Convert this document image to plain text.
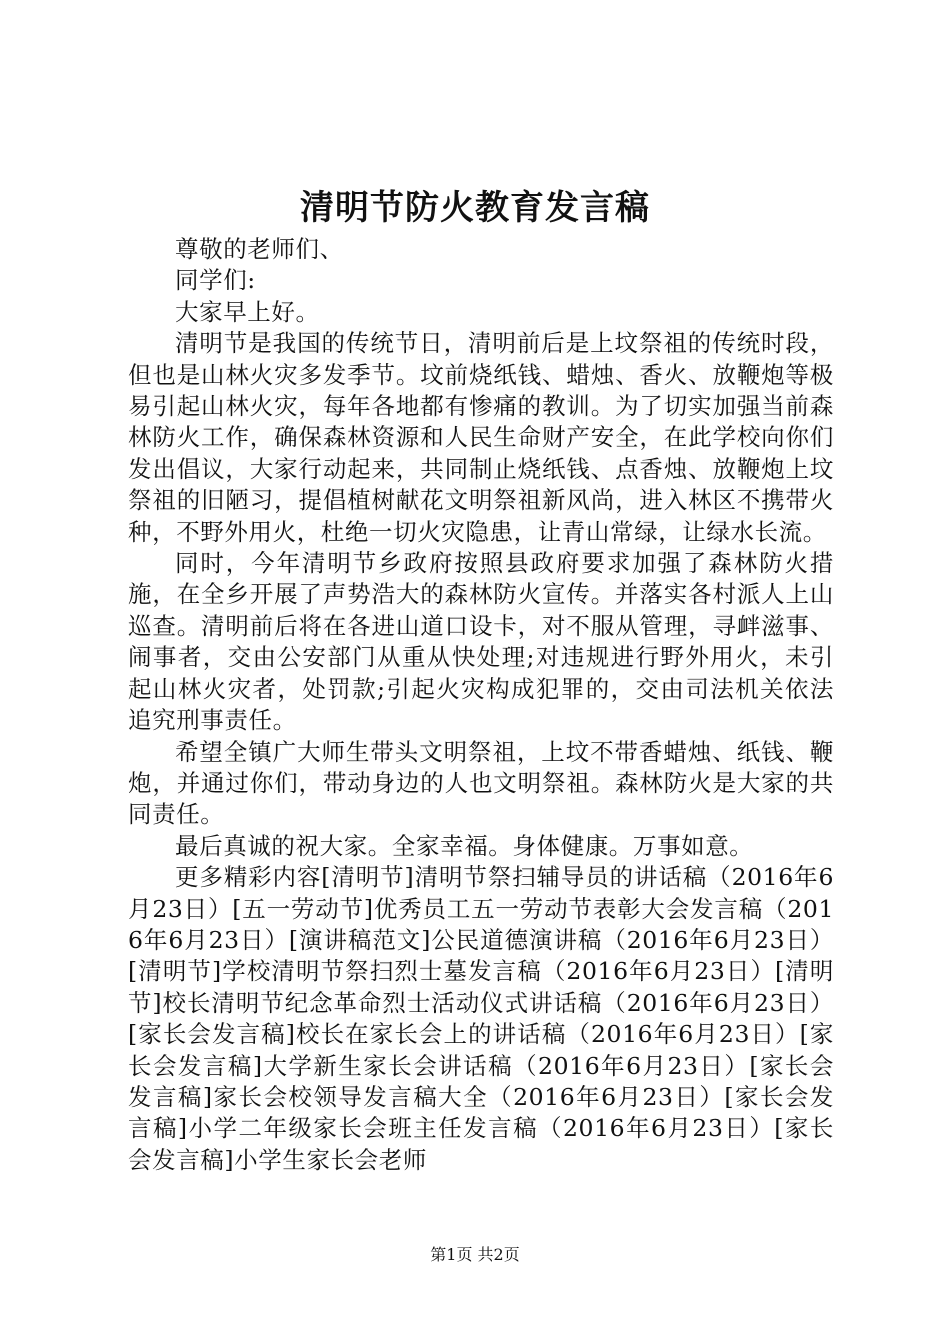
清明节防火教育发言稿

尊敬的老师们、

同学们:

大家早上好。

清明节是我国的传统节日，清明前后是上坟祭祖的传统时段，但也是山林火灾多发季节。坟前烧纸钱、蜡烛、香火、放鞭炮等极易引起山林火灾，每年各地都有惨痛的教训。为了切实加强当前森林防火工作，确保森林资源和人民生命财产安全，在此学校向你们发出倡议，大家行动起来，共同制止烧纸钱、点香烛、放鞭炮上坟祭祖的旧陋习，提倡植树献花文明祭祖新风尚，进入林区不携带火种，不野外用火，杜绝一切火灾隐患，让青山常绿，让绿水长流。

同时，今年清明节乡政府按照县政府要求加强了森林防火措施，在全乡开展了声势浩大的森林防火宣传。并落实各村派人上山巡查。清明前后将在各进山道口设卡，对不服从管理，寻衅滋事、闹事者，交由公安部门从重从快处理;对违规进行野外用火，未引起山林火灾者，处罚款;引起火灾构成犯罪的，交由司法机关依法追究刑事责任。

希望全镇广大师生带头文明祭祖，上坟不带香蜡烛、纸钱、鞭炮，并通过你们，带动身边的人也文明祭祖。森林防火是大家的共同责任。

最后真诚的祝大家。全家幸福。身体健康。万事如意。

更多精彩内容[清明节]清明节祭扫辅导员的讲话稿（2016年6月23日）[五一劳动节]优秀员工五一劳动节表彰大会发言稿（2016年6月23日）[演讲稿范文]公民道德演讲稿（2016年6月23日）[清明节]学校清明节祭扫烈士墓发言稿（2016年6月23日）[清明节]校长清明节纪念革命烈士活动仪式讲话稿（2016年6月23日）[家长会发言稿]校长在家长会上的讲话稿（2016年6月23日）[家长会发言稿]大学新生家长会讲话稿（2016年6月23日）[家长会发言稿]家长会校领导发言稿大全（2016年6月23日）[家长会发言稿]小学二年级家长会班主任发言稿（2016年6月23日）[家长会发言稿]小学生家长会老师

第1页 共2页
